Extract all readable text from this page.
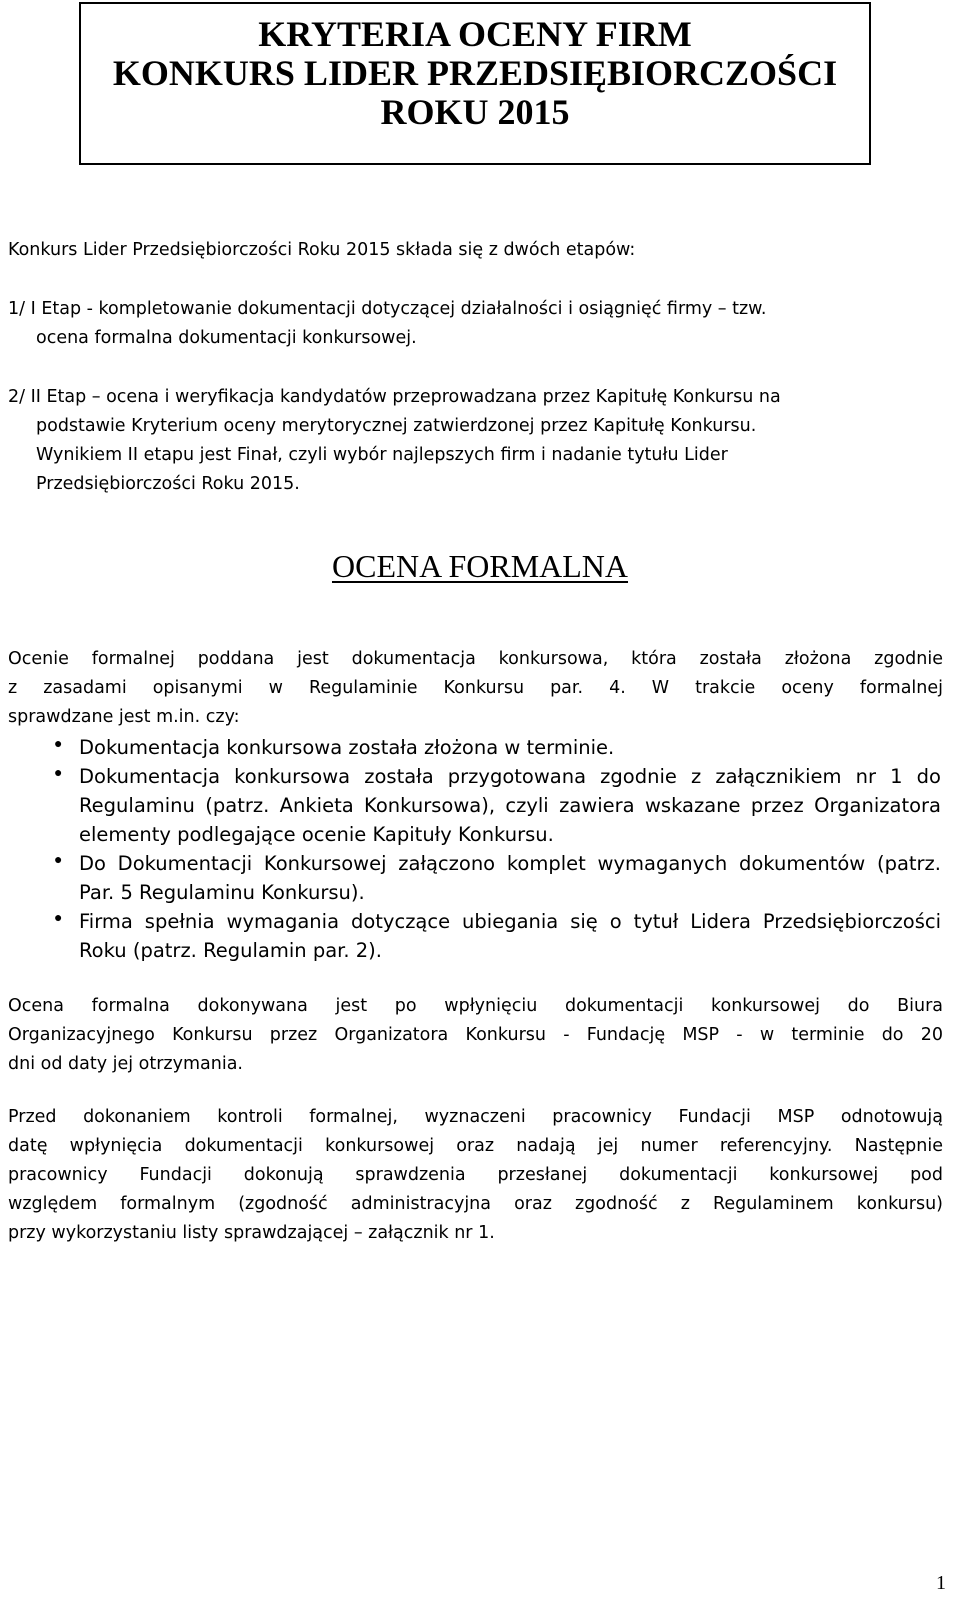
KRYTERIA OCENY FIRM
KONKURS LIDER PRZEDSIĘBIORCZOŚCI
ROKU 2015
Konkurs Lider Przedsiębiorczości Roku 2015 składa się z dwóch etapów:
1/ I Etap - kompletowanie dokumentacji dotyczącej działalności i osiągnięć firmy – tzw.
ocena formalna dokumentacji konkursowej.
2/ II Etap – ocena i weryfikacja kandydatów przeprowadzana przez Kapitułę Konkursu na
podstawie Kryterium oceny merytorycznej zatwierdzonej przez Kapitułę Konkursu.
Wynikiem II etapu jest Finał, czyli wybór najlepszych firm i nadanie tytułu Lider
Przedsiębiorczości Roku 2015.
OCENA FORMALNA
Ocenie formalnej poddana jest dokumentacja konkursowa, która została złożona zgodnie
z zasadami opisanymi w Regulaminie Konkursu par. 4. W trakcie oceny formalnej
sprawdzane jest m.in. czy:
● Dokumentacja konkursowa została złożona w terminie.
● Dokumentacja konkursowa została przygotowana zgodnie z załącznikiem nr 1 do
Regulaminu (patrz. Ankieta Konkursowa), czyli zawiera wskazane przez Organizatora
elementy podlegające ocenie Kapituły Konkursu.
● Do Dokumentacji Konkursowej załączono komplet wymaganych dokumentów (patrz.
Par. 5 Regulaminu Konkursu).
● Firma spełnia wymagania dotyczące ubiegania się o tytuł Lidera Przedsiębiorczości
Roku (patrz. Regulamin par. 2).
Ocena formalna dokonywana jest po wpłynięciu dokumentacji konkursowej do Biura
Organizacyjnego Konkursu przez Organizatora Konkursu - Fundację MSP - w terminie do 20
dni od daty jej otrzymania.
Przed dokonaniem kontroli formalnej, wyznaczeni pracownicy Fundacji MSP odnotowują
datę wpłynięcia dokumentacji konkursowej oraz nadają jej numer referencyjny. Następnie
pracownicy Fundacji dokonują sprawdzenia przesłanej dokumentacji konkursowej pod
względem formalnym (zgodność administracyjna oraz zgodność z Regulaminem konkursu)
przy wykorzystaniu listy sprawdzającej – załącznik nr 1.
1
